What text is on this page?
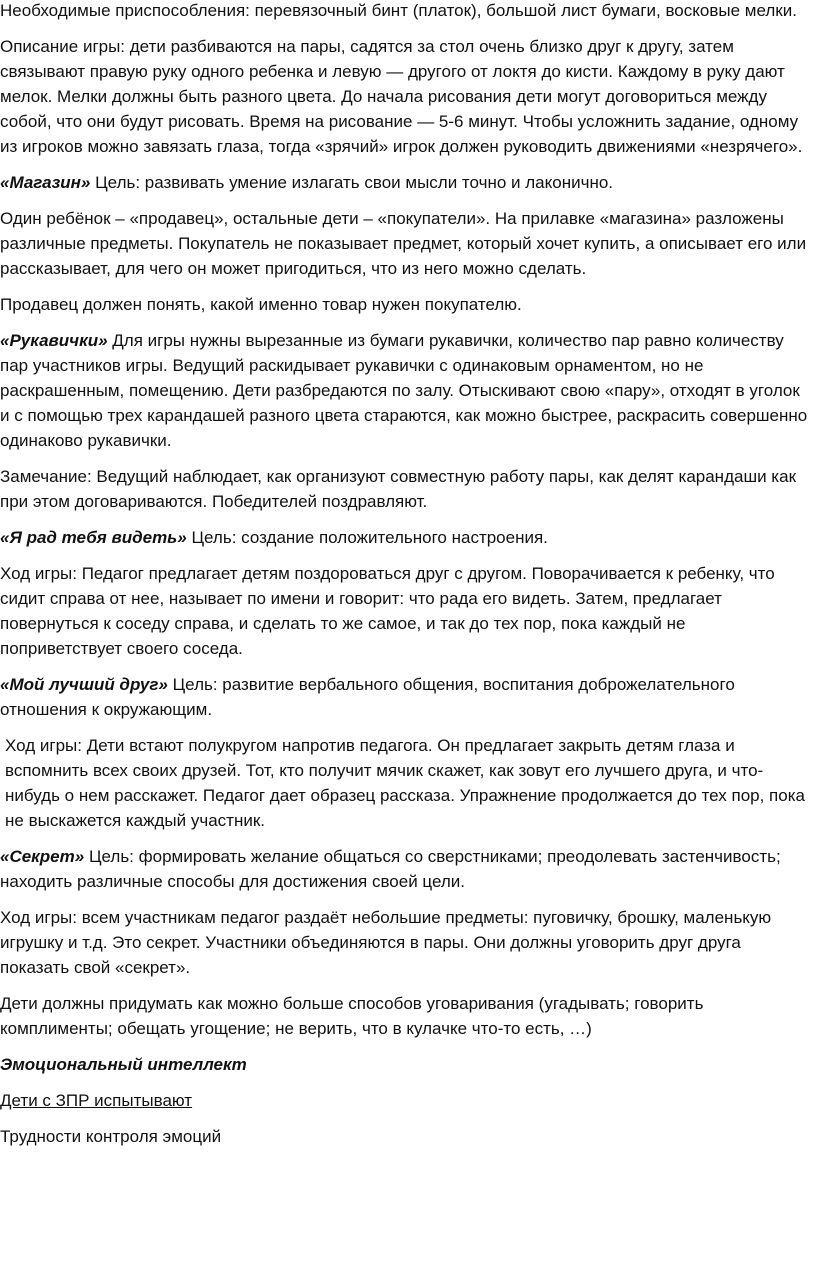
Необходимые приспособления: перевязочный бинт (платок), большой лист бумаги, восковые мелки.

Описание игры: дети разбиваются на пары, садятся за стол очень близко друг к другу, затем связывают правую руку одного ребенка и левую — другого от локтя до кисти. Каждому в руку дают мелок. Мелки должны быть разного цвета. До начала рисования дети могут договориться между собой, что они будут рисовать. Время на рисование — 5-6 минут. Чтобы усложнить задание, одному из игроков можно завязать глаза, тогда «зрячий» игрок должен руководить движениями «незрячего».

«Магазин» Цель: развивать умение излагать свои мысли точно и лаконично.

Один ребёнок – «продавец», остальные дети – «покупатели». На прилавке «магазина» разложены различные предметы. Покупатель не показывает предмет, который хочет купить, а описывает его или рассказывает, для чего он может пригодиться, что из него можно сделать.

Продавец должен понять, какой именно товар нужен покупателю.

«Рукавички» Для игры нужны вырезанные из бумаги рукавички, количество пар равно количеству пар участников игры. Ведущий раскидывает рукавички с одинаковым орнаментом, но не раскрашенным, помещению. Дети разбредаются по залу. Отыскивают свою «пару», отходят в уголок и с помощью трех карандашей разного цвета стараются, как можно быстрее, раскрасить совершенно одинаково рукавички.

Замечание: Ведущий наблюдает, как организуют совместную работу пары, как делят карандаши как при этом договариваются. Победителей поздравляют.

«Я рад тебя видеть» Цель: создание положительного настроения.

Ход игры: Педагог предлагает детям поздороваться друг с другом. Поворачивается к ребенку, что сидит справа от нее, называет по имени и говорит: что рада его видеть. Затем, предлагает повернуться к соседу справа, и сделать то же самое, и так до тех пор, пока каждый не поприветствует своего соседа.

«Мой лучший друг» Цель: развитие вербального общения, воспитания доброжелательного отношения к окружающим.

Ход игры: Дети встают полукругом напротив педагога. Он предлагает закрыть детям глаза и вспомнить всех своих друзей. Тот, кто получит мячик скажет, как зовут его лучшего друга, и что-нибудь о нем расскажет. Педагог дает образец рассказа. Упражнение продолжается до тех пор, пока не выскажется каждый участник.

«Секрет» Цель: формировать желание общаться со сверстниками; преодолевать застенчивость; находить различные способы для достижения своей цели.

Ход игры: всем участникам педагог раздаёт небольшие предметы: пуговичку, брошку, маленькую игрушку и т.д. Это секрет. Участники объединяются в пары. Они должны уговорить друг друга показать свой «секрет».

Дети должны придумать как можно больше способов уговаривания (угадывать; говорить комплименты; обещать угощение; не верить, что в кулачке что-то есть, …)

Эмоциональный интеллект

Дети с ЗПР испытывают

Трудности контроля эмоций
